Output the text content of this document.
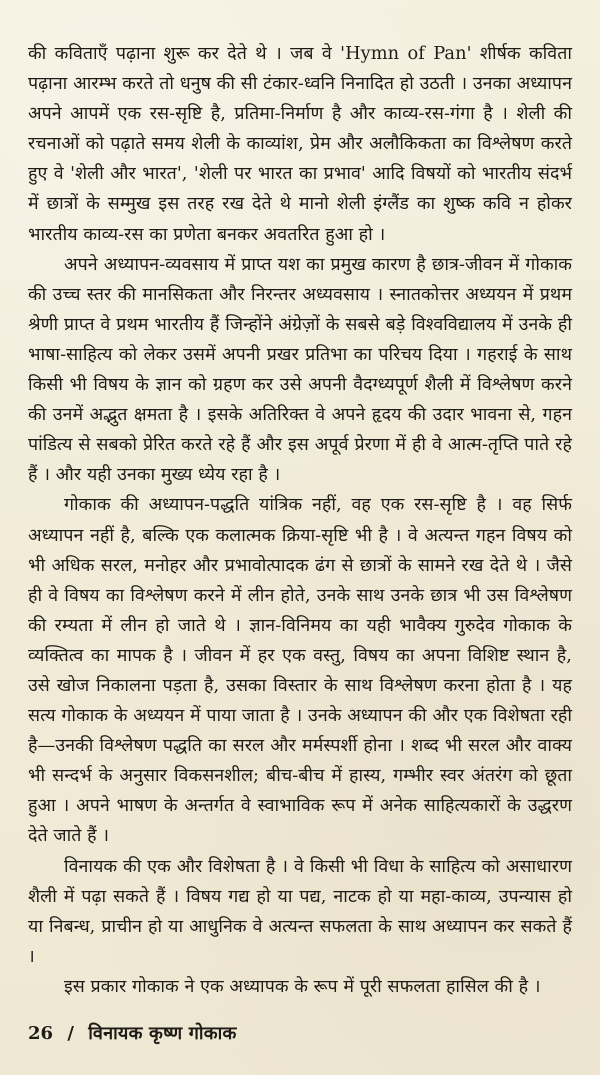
की कविताएँ पढ़ाना शुरू कर देते थे । जब वे 'Hymn of Pan' शीर्षक कविता पढ़ाना आरम्भ करते तो धनुष की सी टंकार-ध्वनि निनादित हो उठती । उनका अध्यापन अपने आपमें एक रस-सृष्टि है, प्रतिमा-निर्माण है और काव्य-रस-गंगा है । शेली की रचनाओं को पढ़ाते समय शेली के काव्यांश, प्रेम और अलौकिकता का विश्लेषण करते हुए वे 'शेली और भारत', 'शेली पर भारत का प्रभाव' आदि विषयों को भारतीय संदर्भ में छात्रों के सम्मुख इस तरह रख देते थे मानो शेली इंग्लैंड का शुष्क कवि न होकर भारतीय काव्य-रस का प्रणेता बनकर अवतरित हुआ हो ।

अपने अध्यापन-व्यवसाय में प्राप्त यश का प्रमुख कारण है छात्र-जीवन में गोकाक की उच्च स्तर की मानसिकता और निरन्तर अध्यवसाय । स्नातकोत्तर अध्ययन में प्रथम श्रेणी प्राप्त वे प्रथम भारतीय हैं जिन्होंने अंग्रेज़ों के सबसे बड़े विश्वविद्यालय में उनके ही भाषा-साहित्य को लेकर उसमें अपनी प्रखर प्रतिभा का परिचय दिया । गहराई के साथ किसी भी विषय के ज्ञान को ग्रहण कर उसे अपनी वैदग्ध्यपूर्ण शैली में विश्लेषण करने की उनमें अद्भुत क्षमता है । इसके अतिरिक्त वे अपने हृदय की उदार भावना से, गहन पांडित्य से सबको प्रेरित करते रहे हैं और इस अपूर्व प्रेरणा में ही वे आत्म-तृप्ति पाते रहे हैं । और यही उनका मुख्य ध्येय रहा है ।

गोकाक की अध्यापन-पद्धति यांत्रिक नहीं, वह एक रस-सृष्टि है । वह सिर्फ अध्यापन नहीं है, बल्कि एक कलात्मक क्रिया-सृष्टि भी है । वे अत्यन्त गहन विषय को भी अधिक सरल, मनोहर और प्रभावोत्पादक ढंग से छात्रों के सामने रख देते थे । जैसे ही वे विषय का विश्लेषण करने में लीन होते, उनके साथ उनके छात्र भी उस विश्लेषण की रम्यता में लीन हो जाते थे । ज्ञान-विनिमय का यही भावैक्य गुरुदेव गोकाक के व्यक्तित्व का मापक है । जीवन में हर एक वस्तु, विषय का अपना विशिष्ट स्थान है, उसे खोज निकालना पड़ता है, उसका विस्तार के साथ विश्लेषण करना होता है । यह सत्य गोकाक के अध्ययन में पाया जाता है । उनके अध्यापन की और एक विशेषता रही है—उनकी विश्लेषण पद्धति का सरल और मर्मस्पर्शी होना । शब्द भी सरल और वाक्य भी सन्दर्भ के अनुसार विकसनशील; बीच-बीच में हास्य, गम्भीर स्वर अंतरंग को छूता हुआ । अपने भाषण के अन्तर्गत वे स्वाभाविक रूप में अनेक साहित्यकारों के उद्धरण देते जाते हैं ।

विनायक की एक और विशेषता है । वे किसी भी विधा के साहित्य को असाधारण शैली में पढ़ा सकते हैं । विषय गद्य हो या पद्य, नाटक हो या महा-काव्य, उपन्यास हो या निबन्ध, प्राचीन हो या आधुनिक वे अत्यन्त सफलता के साथ अध्यापन कर सकते हैं ।

इस प्रकार गोकाक ने एक अध्यापक के रूप में पूरी सफलता हासिल की है ।

26 / विनायक कृष्ण गोकाक
